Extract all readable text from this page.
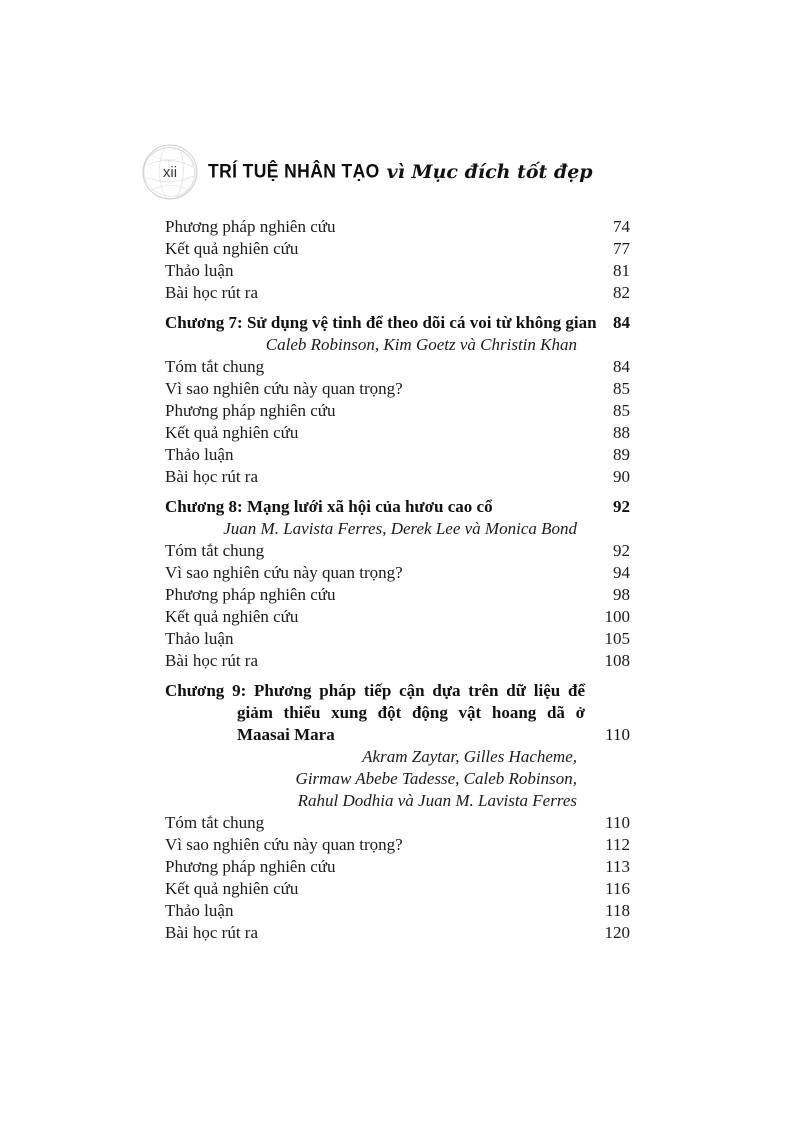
xii	TRÍ TUỆ NHÂN TẠO vì Mục đích tốt đẹp
Phương pháp nghiên cứu	74
Kết quả nghiên cứu	77
Thảo luận	81
Bài học rút ra	82
Chương 7: Sử dụng vệ tinh để theo dõi cá voi từ không gian 84
Caleb Robinson, Kim Goetz và Christin Khan
Tóm tắt chung	84
Vì sao nghiên cứu này quan trọng?	85
Phương pháp nghiên cứu	85
Kết quả nghiên cứu	88
Thảo luận	89
Bài học rút ra	90
Chương 8: Mạng lưới xã hội của hươu cao cổ	92
Juan M. Lavista Ferres, Derek Lee và Monica Bond
Tóm tắt chung	92
Vì sao nghiên cứu này quan trọng?	94
Phương pháp nghiên cứu	98
Kết quả nghiên cứu	100
Thảo luận	105
Bài học rút ra	108
Chương 9: Phương pháp tiếp cận dựa trên dữ liệu để
giảm thiểu xung đột động vật hoang dã ở
Maasai Mara	110
Akram Zaytar, Gilles Hacheme,
Girmaw Abebe Tadesse, Caleb Robinson,
Rahul Dodhia và Juan M. Lavista Ferres
Tóm tắt chung	110
Vì sao nghiên cứu này quan trọng?	112
Phương pháp nghiên cứu	113
Kết quả nghiên cứu	116
Thảo luận	118
Bài học rút ra	120
